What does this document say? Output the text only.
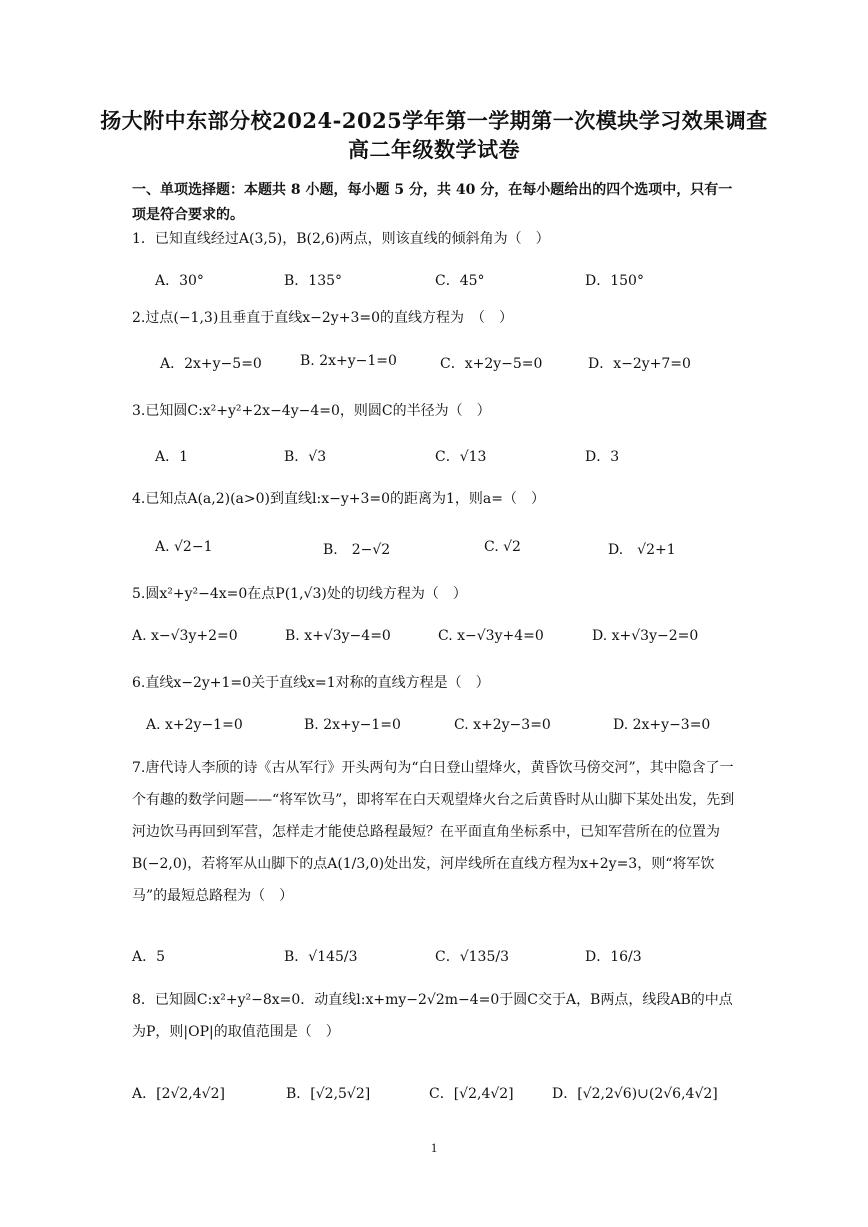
扬大附中东部分校2024-2025学年第一学期第一次模块学习效果调查
高二年级数学试卷
一、单项选择题：本题共 8 小题，每小题 5 分，共 40 分，在每小题给出的四个选项中，只有一项是符合要求的。
1．已知直线经过A(3,5)，B(2,6)两点，则该直线的倾斜角为（　）
A．30°	B．135°	C．45°	D．150°
2.过点(−1,3)且垂直于直线x−2y+3=0的直线方程为　（　）
A．2x+y−5=0	B. 2x+y−1=0	C．x+2y−5=0	D．x−2y+7=0
3.已知圆C:x²+y²+2x−4y−4=0，则圆C的半径为（　）
A．1	B．√3	C．√13	D．3
4.已知点A(a,2)(a>0)到直线l:x−y+3=0的距离为1，则a=（　）
A. √2−1	B.　2−√2	C. √2	D.　√2+1
5.圆x²+y²−4x=0在点P(1,√3)处的切线方程为（　）
A. x−√3y+2=0	B. x+√3y−4=0	C. x−√3y+4=0	D. x+√3y−2=0
6.直线x−2y+1=0关于直线x=1对称的直线方程是（　）
A. x+2y−1=0	B. 2x+y−1=0	C. x+2y−3=0	D. 2x+y−3=0
7.唐代诗人李颀的诗《古从军行》开头两句为“白日登山望烽火，黄昏饮马傍交河”，其中隐含了一个有趣的数学问题——“将军饮马”，即将军在白天观望烽火台之后黄昏时从山脚下某处出发，先到河边饮马再回到军营，怎样走才能使总路程最短？在平面直角坐标系中，已知军营所在的位置为B(−2,0)，若将军从山脚下的点A(1/3,0)处出发，河岸线所在直线方程为x+2y=3，则“将军饮马”的最短总路程为（　）
A．5	B．√145/3	C．√135/3	D．16/3
8．已知圆C:x²+y²−8x=0．动直线l:x+my−2√2m−4=0于圆C交于A，B两点，线段AB的中点为P，则|OP|的取值范围是（　）
A．[2√2,4√2]	B．[√2,5√2]	C．[√2,4√2]	D．[√2,2√6)∪(2√6,4√2]
1
